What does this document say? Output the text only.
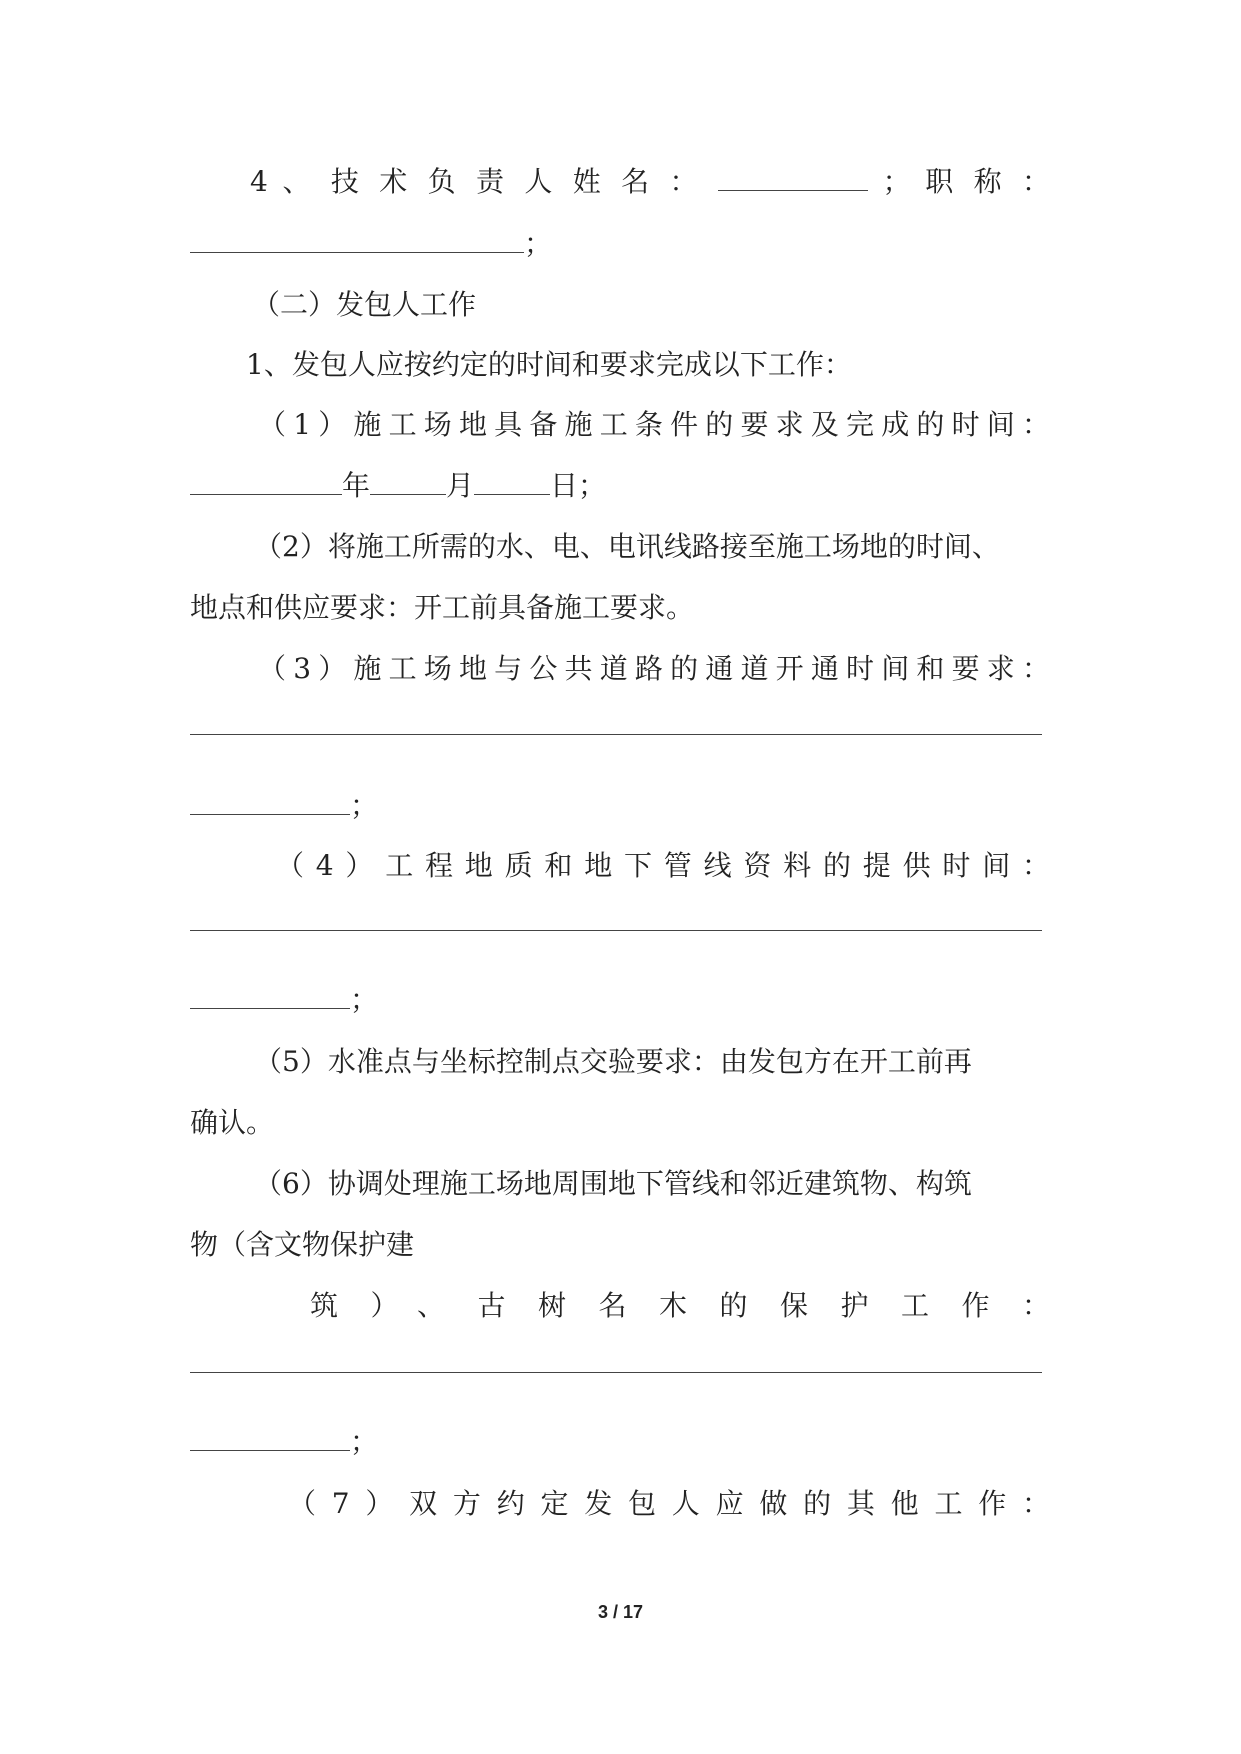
4 、 技 术 负 责 人 姓 名 ：	； 职 称 ：
；
（二）发包人工作
1、发包人应按约定的时间和要求完成以下工作：
（1）施工场地具备施工条件的要求及完成的时间：
年	月	日；
（2）将施工所需的水、电、电讯线路接至施工场地的时间、
地点和供应要求：开工前具备施工要求。
（3）施工场地与公共道路的通道开通时间和要求：
；
（4）工程地质和地下管线资料的提供时间：
；
（5）水准点与坐标控制点交验要求：由发包方在开工前再
确认。
（6）协调处理施工场地周围地下管线和邻近建筑物、构筑
物（含文物保护建
筑）、古树名木的保护工作：
；
（7）双方约定发包人应做的其他工作：
3 / 17
